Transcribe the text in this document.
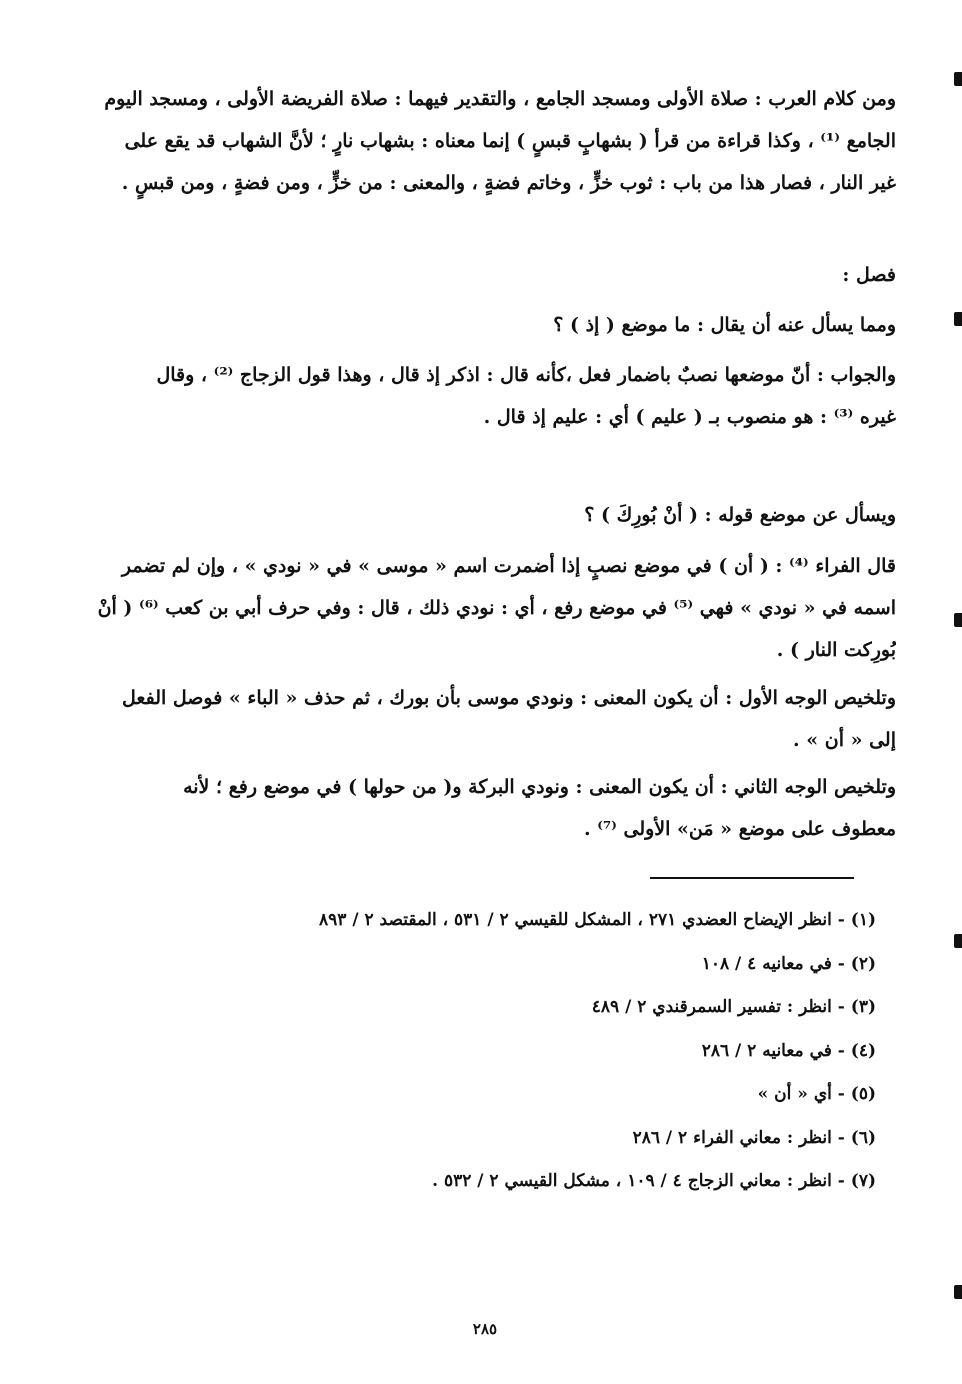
ومن كلام العرب : صلاة الأولى ومسجد الجامع ، والتقدير فيهما : صلاة الفريضة الأولى ، ومسجد اليوم
الجامع ⁽¹⁾ ، وكذا قراءة من قرأ ( بشهابٍ قبسٍ ) إنما معناه : بشهاب نارٍ ؛ لأنَّ الشهاب قد يقع على
غير النار ، فصار هذا من باب : ثوب خزٍّ ، وخاتم فضةٍ ، والمعنى : من خزٍّ ، ومن فضةٍ ، ومن قبسٍ .
فصل :
ومما يسأل عنه أن يقال : ما موضع ( إذ ) ؟
والجواب : أنّ موضعها نصبٌ باضمار فعل ،كأنه قال : اذكر إذ قال ، وهذا قول الزجاج ⁽²⁾ ، وقال
غيره ⁽³⁾ : هو منصوب بـ ( عليم ) أي : عليم إذ قال .
ويسأل عن موضع قوله : ( أنْ بُورِكَ ) ؟
قال الفراء ⁽⁴⁾ : ( أن ) في موضع نصبٍ إذا أضمرت اسم « موسى » في « نودي » ، وإن لم تضمر
اسمه في « نودي » فهي ⁽⁵⁾ في موضع رفع ، أي : نودي ذلك ، قال : وفي حرف أبي بن كعب ⁽⁶⁾ ( أنْ
بُورِكت النار ) .
وتلخيص الوجه الأول : أن يكون المعنى : ونودي موسى بأن بورك ، ثم حذف « الباء » فوصل الفعل
إلى « أن » .
وتلخيص الوجه الثاني : أن يكون المعنى : ونودي البركة و( من حولها ) في موضع رفع ؛ لأنه
معطوف على موضع « مَن» الأولى ⁽⁷⁾ .
(١) - انظر الإيضاح العضدي ٢٧١ ، المشكل للقيسي ٢ / ٥٣١ ، المقتصد ٢ / ٨٩٣
(٢) - في معانيه ٤ / ١٠٨
(٣) - انظر : تفسير السمرقندي ٢ / ٤٨٩
(٤) - في معانيه ٢ / ٢٨٦
(٥) - أي « أن »
(٦) - انظر : معاني الفراء ٢ / ٢٨٦
(٧) - انظر : معاني الزجاج ٤ / ١٠٩ ، مشكل القيسي ٢ / ٥٣٢ .
٢٨٥
